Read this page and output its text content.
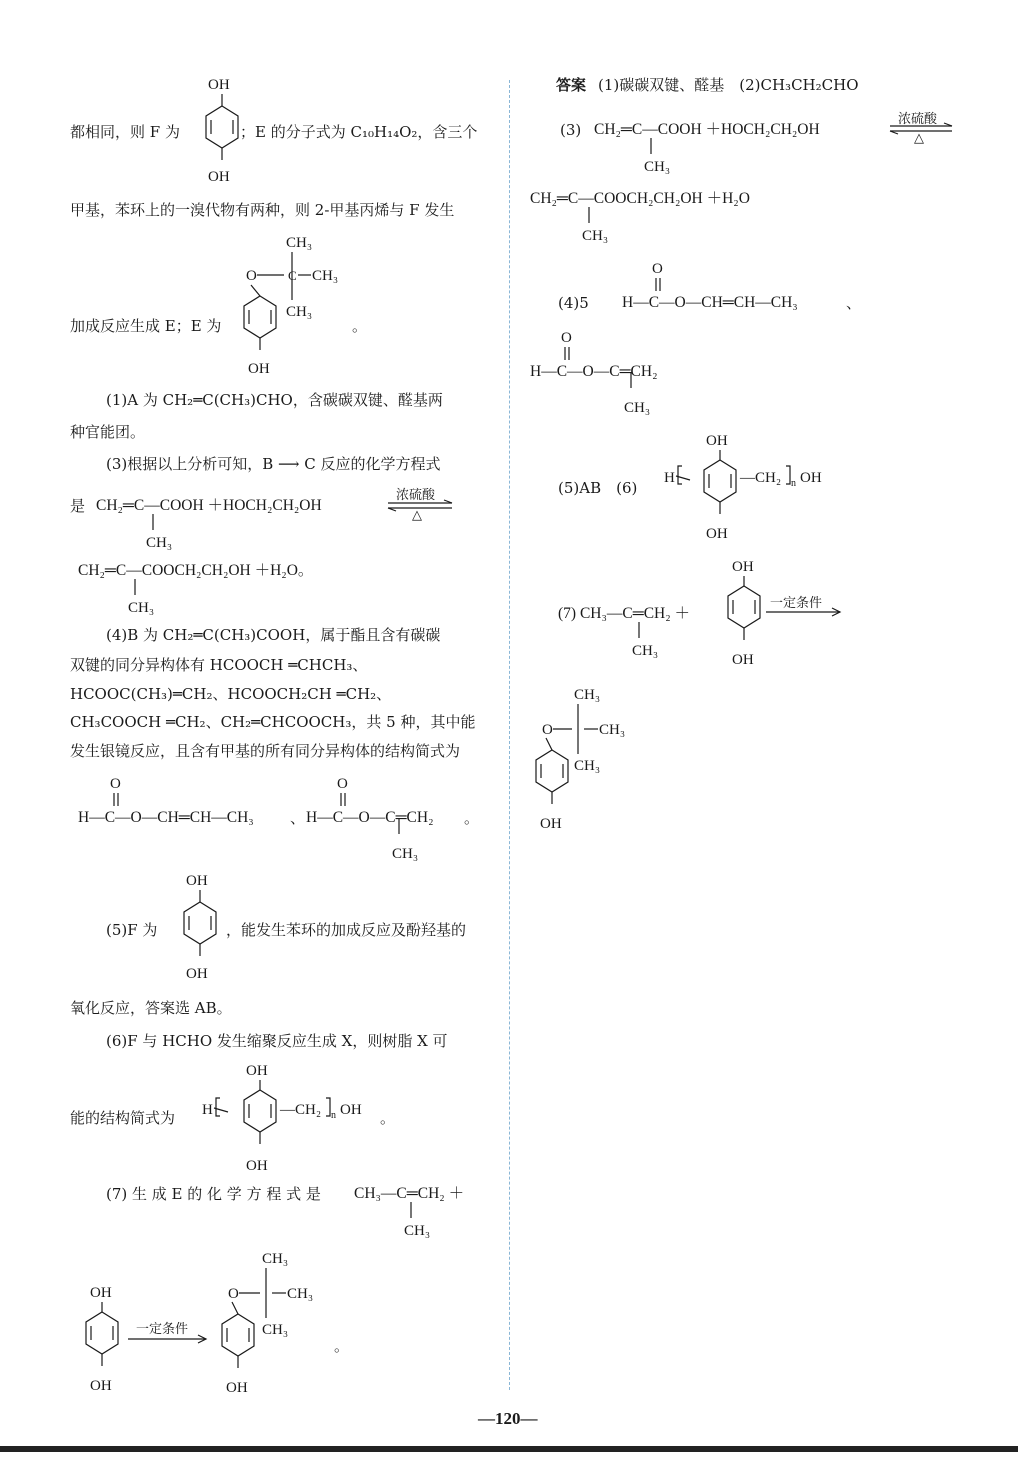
OH
OH
都相同，则 F 为	；E 的分子式为 C₁₀H₁₄O₂，含三个
甲基，苯环上的一溴代物有两种，则 2-甲基丙烯与 F 发生
CH₃
O C CH₃
CH₃
OH
加成反应生成 E；E 为	。
(1)A 为 CH₂═C(CH₃)CHO，含碳碳双键、醛基两
种官能团。
(3)根据以上分析可知，B ⟶ C 反应的化学方程式
是 CH₂═C—COOH ＋HOCH₂CH₂OH
CH₃
浓硫酸
△
CH₂═C—COOCH₂CH₂OH ＋H₂O。
CH₃
(4)B 为 CH₂═C(CH₃)COOH，属于酯且含有碳碳
双键的同分异构体有 HCOOCH ═CHCH₃、
HCOOC(CH₃)═CH₂、HCOOCH₂CH ═CH₂、
CH₃COOCH ═CH₂、CH₂═CHCOOCH₃，共 5 种，其中能
发生银镜反应，且含有甲基的所有同分异构体的结构简式为
O
H—C—O—CH═CH—CH₃ 、
O
CH₃
H—C—O—C═CH₂ 。
OH
OH
(5)F 为	，能发生苯环的加成反应及酚羟基的
氧化反应，答案选 AB。
(6)F 与 HCHO 发生缩聚反应生成 X，则树脂 X 可
能的结构简式为
OH
H
OH
—CH₂ n OH 。
(7) 生 成 E 的 化 学 方 程 式 是 CH₃—C═CH₂ ＋
CH₃
OH
OH
一定条件
CH₃
O	CH₃
CH₃
OH
。
答案 (1)碳碳双键、醛基　(2)CH₃CH₂CHO
(3) CH₂═C—COOH ＋HOCH₂CH₂OH
CH₃
浓硫酸
△
CH₂═C—COOCH₂CH₂OH ＋H₂O
CH₃
(4)5
O
H—C—O—CH═CH—CH₃	、
O
CH₃
H—C—O—C═CH₂
(5)AB　(6)
OH
H
OH
—CH₂ n OH
(7) CH₃—C═CH₂ ＋
CH₃
OH
OH
一定条件
CH₃
O	CH₃
CH₃
OH
—120—
